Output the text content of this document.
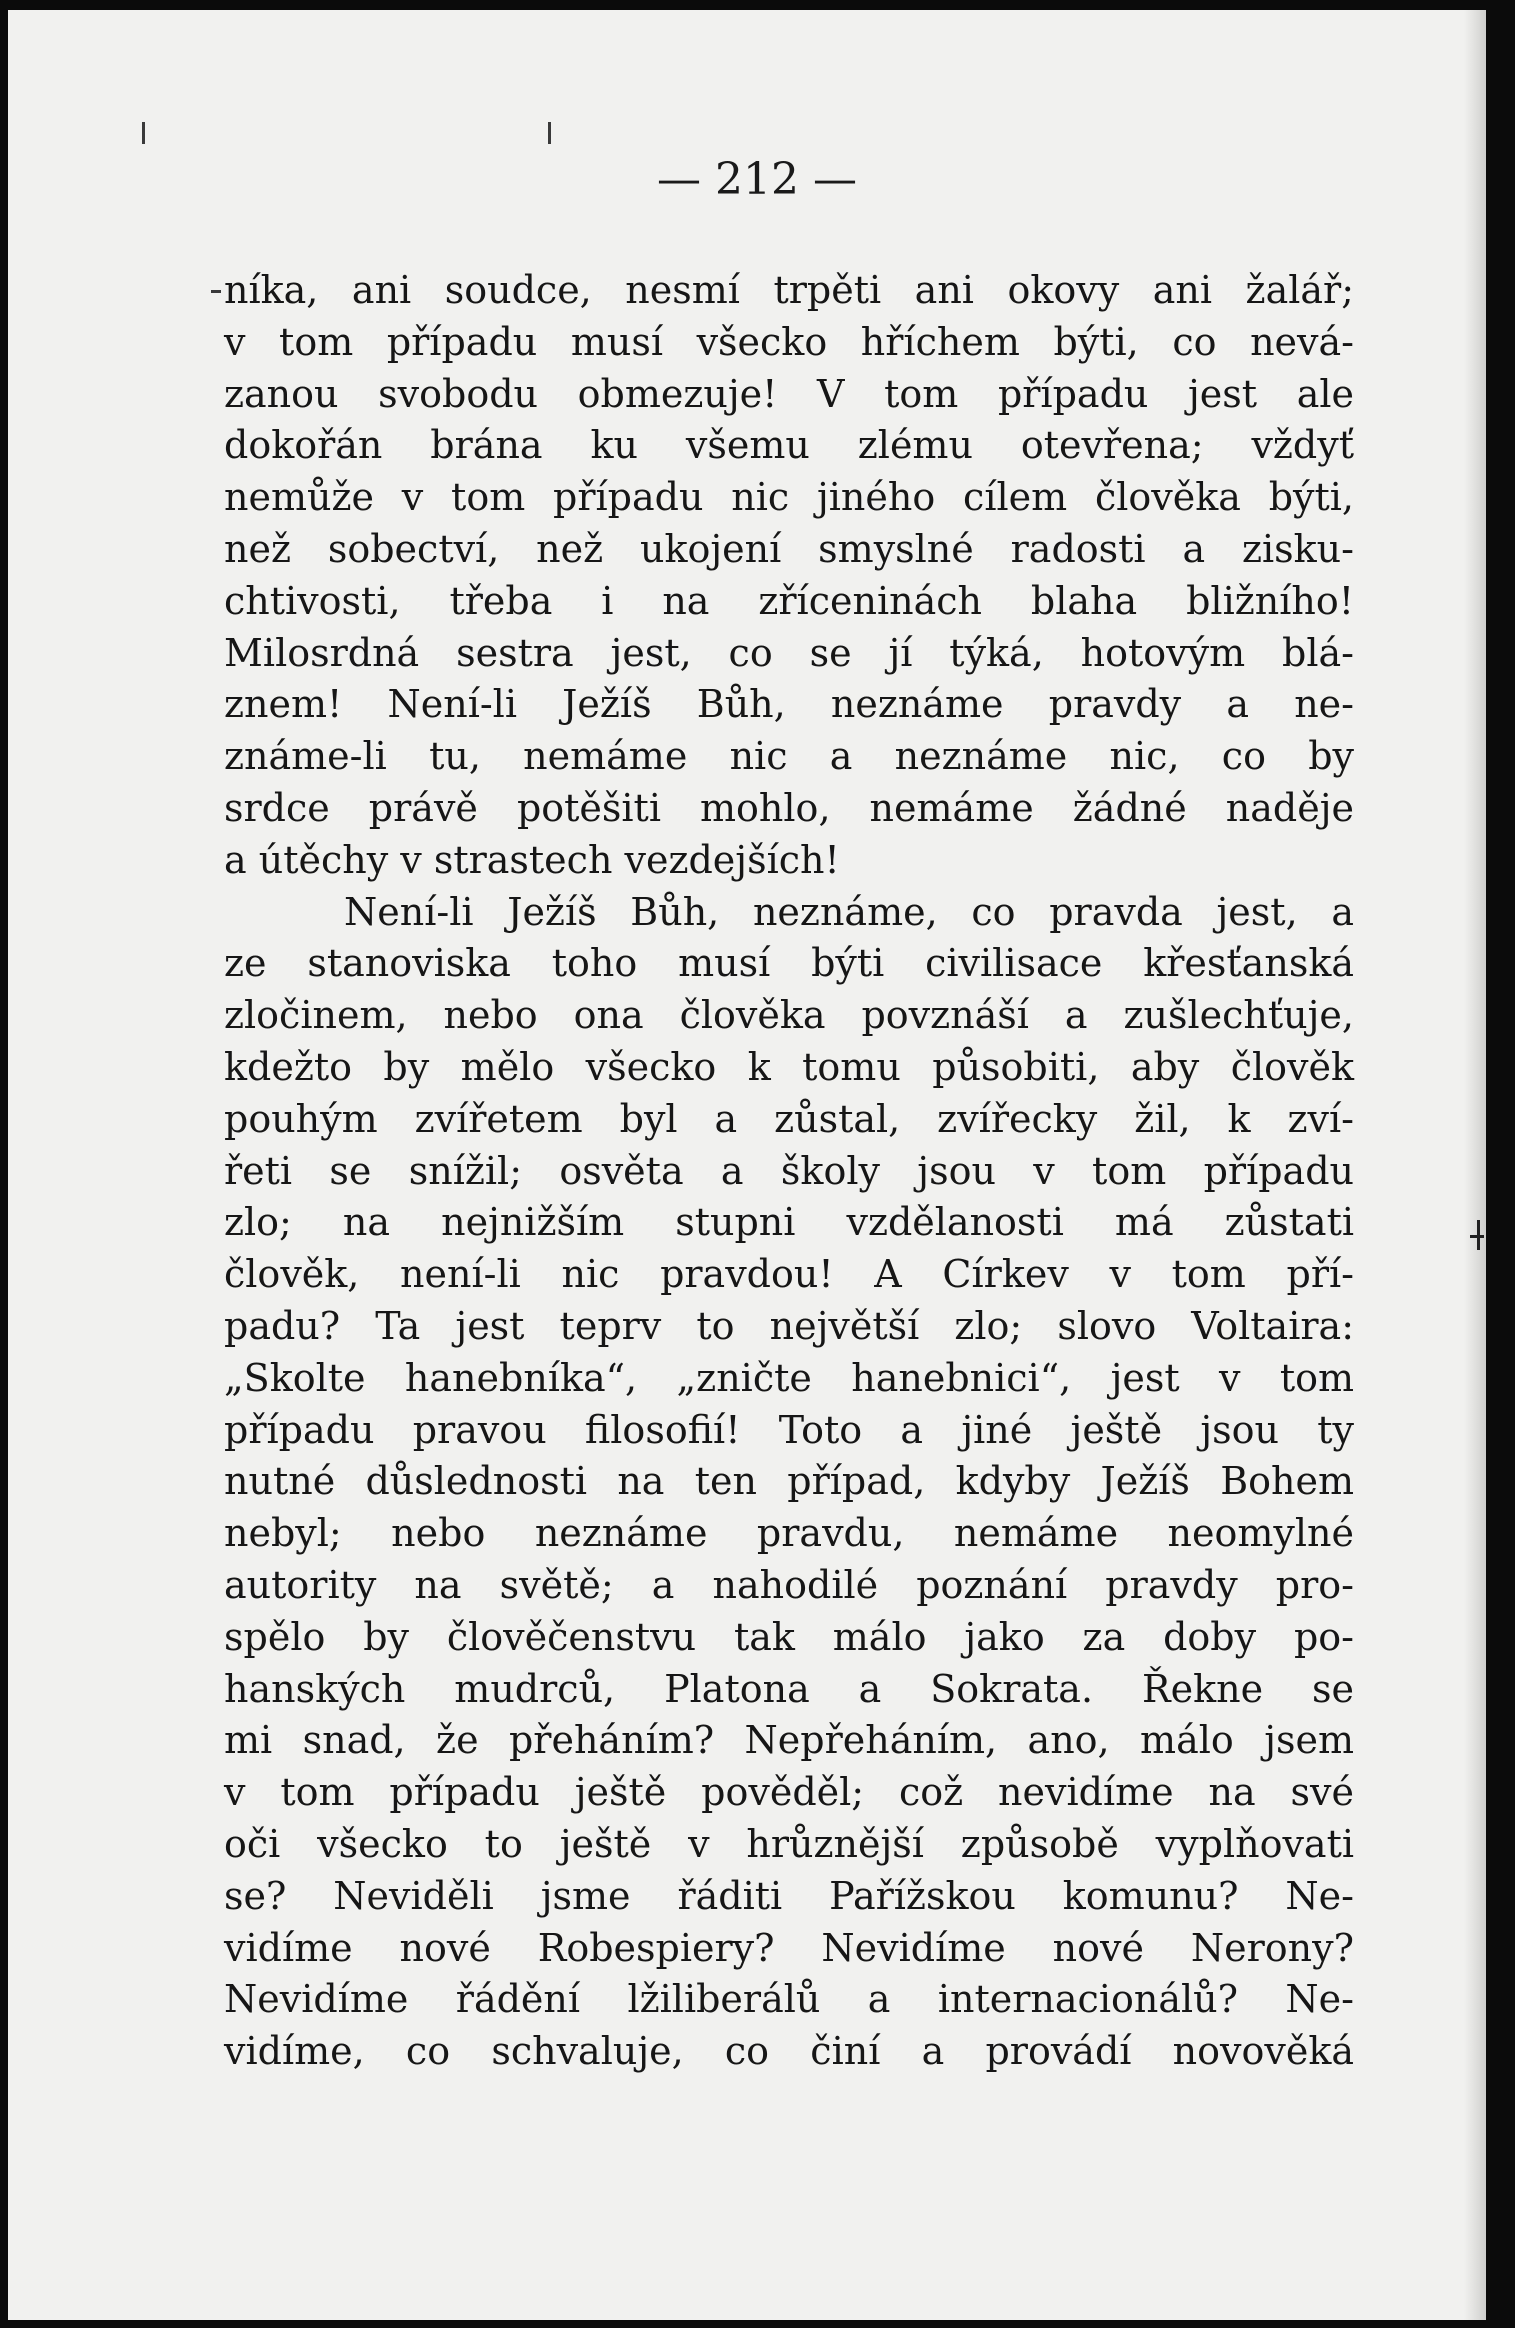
— 212 —
níka, ani soudce, nesmí trpěti ani okovy ani žalář;
v tom případu musí všecko hříchem býti, co nevá-
zanou svobodu obmezuje! V tom případu jest ale
dokořán brána ku všemu zlému otevřena; vždyť
nemůže v tom případu nic jiného cílem člověka býti,
než sobectví, než ukojení smyslné radosti a zisku-
chtivosti, třeba i na zříceninách blaha bližního!
Milosrdná sestra jest, co se jí týká, hotovým blá-
znem! Není-li Ježíš Bůh, neznáme pravdy a ne-
známe-li tu, nemáme nic a neznáme nic, co by
srdce právě potěšiti mohlo, nemáme žádné naděje
a útěchy v strastech vezdejších!
Není-li Ježíš Bůh, neznáme, co pravda jest, a
ze stanoviska toho musí býti civilisace křesťanská
zločinem, nebo ona člověka povznáší a zušlechťuje,
kdežto by mělo všecko k tomu působiti, aby člověk
pouhým zvířetem byl a zůstal, zvířecky žil, k zví-
řeti se snížil; osvěta a školy jsou v tom případu
zlo; na nejnižším stupni vzdělanosti má zůstati
člověk, není-li nic pravdou! A Církev v tom pří-
padu? Ta jest teprv to největší zlo; slovo Voltaira:
„Skolte hanebníka“, „zničte hanebnici“, jest v tom
případu pravou filosofií! Toto a jiné ještě jsou ty
nutné důslednosti na ten případ, kdyby Ježíš Bohem
nebyl; nebo neznáme pravdu, nemáme neomylné
autority na světě; a nahodilé poznání pravdy pro-
spělo by člověčenstvu tak málo jako za doby po-
hanských mudrců, Platona a Sokrata. Řekne se
mi snad, že přeháním? Nepřeháním, ano, málo jsem
v tom případu ještě pověděl; což nevidíme na své
oči všecko to ještě v hrůznější způsobě vyplňovati
se? Neviděli jsme řáditi Pařížskou komunu? Ne-
vidíme nové Robespiery? Nevidíme nové Nerony?
Nevidíme řádění lžiliberálů a internacionálů? Ne-
vidíme, co schvaluje, co činí a provádí novověká
